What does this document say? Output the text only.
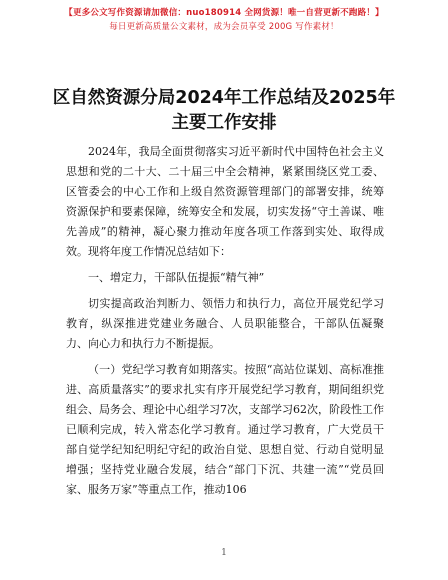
【更多公文写作资源请加微信：nuo180914 全网货源！唯一自营更新不跑路！】
每日更新高质量公文素材，成为会员享受 200G 写作素材！
区自然资源分局2024年工作总结及2025年主要工作安排

2024年，我局全面贯彻落实习近平新时代中国特色社会主义思想和党的二十大、二十届三中全会精神，紧紧围绕区党工委、区管委会的中心工作和上级自然资源管理部门的部署安排，统筹资源保护和要素保障，统筹安全和发展，切实发扬“守土善谋、唯先善成”的精神，凝心聚力推动年度各项工作落到实处、取得成效。现将年度工作情况总结如下：

一、增定力，干部队伍提振“精气神”

切实提高政治判断力、领悟力和执行力，高位开展党纪学习教育，纵深推进党建业务融合、人员职能整合，干部队伍凝聚力、向心力和执行力不断提振。

（一）党纪学习教育如期落实。按照“高站位谋划、高标准推进、高质量落实”的要求扎实有序开展党纪学习教育，期间组织党组会、局务会、理论中心组学习7次，支部学习62次，阶段性工作已顺利完成，转入常态化学习教育。通过学习教育，广大党员干部自觉学纪知纪明纪守纪的政治自觉、思想自觉、行动自觉明显增强；坚持党业融合发展，结合“部门下沉、共建一流”“党员回家、服务万家”等重点工作，推动106

1
